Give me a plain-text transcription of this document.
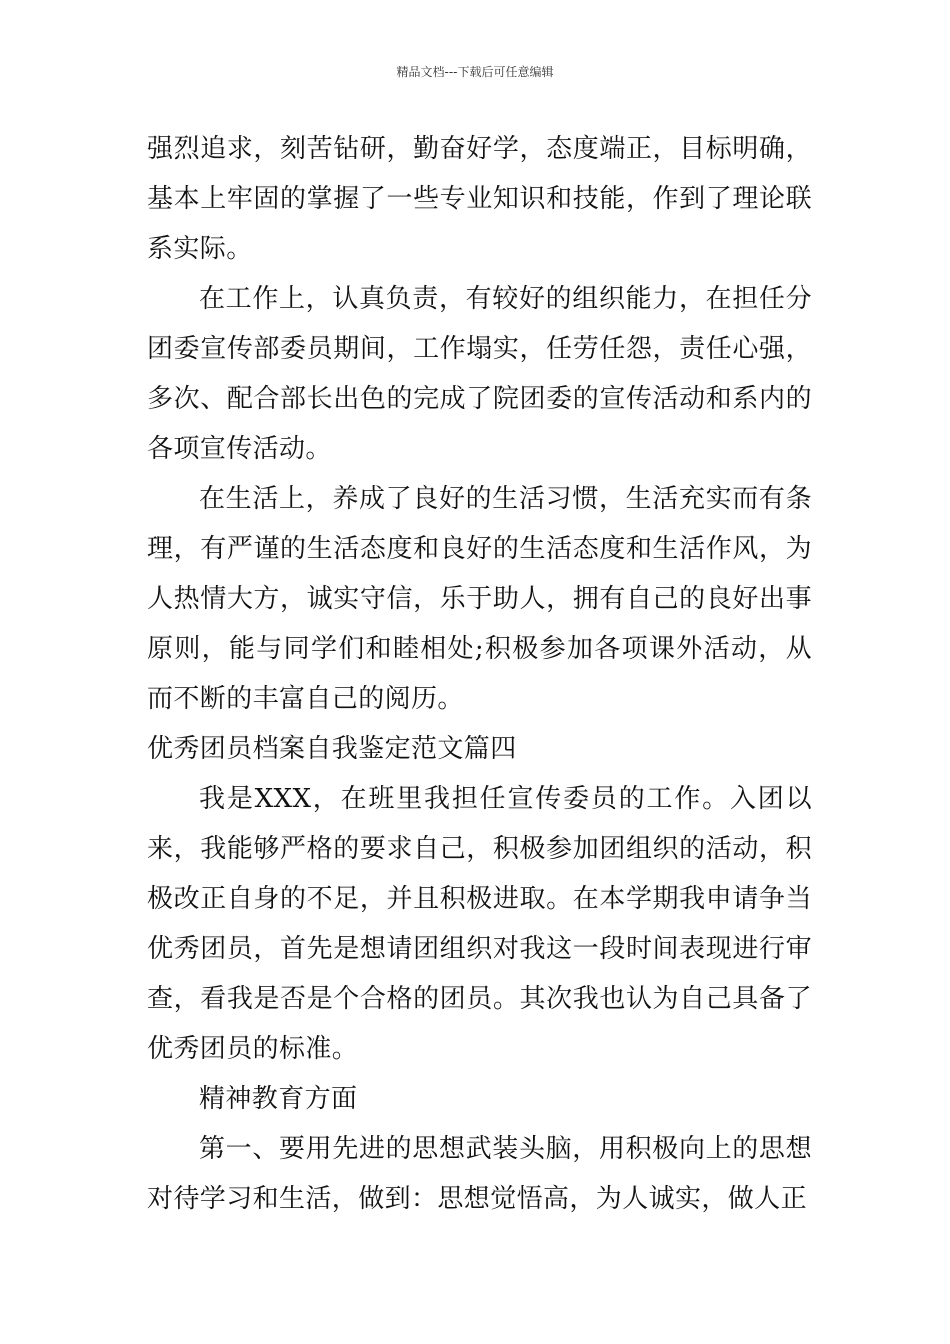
精品文档---下载后可任意编辑

强烈追求，刻苦钻研，勤奋好学，态度端正，目标明确，基本上牢固的掌握了一些专业知识和技能，作到了理论联系实际。

在工作上，认真负责，有较好的组织能力，在担任分团委宣传部委员期间，工作塌实，任劳任怨，责任心强，多次、配合部长出色的完成了院团委的宣传活动和系内的各项宣传活动。

在生活上，养成了良好的生活习惯，生活充实而有条理，有严谨的生活态度和良好的生活态度和生活作风，为人热情大方，诚实守信，乐于助人，拥有自己的良好出事原则，能与同学们和睦相处;积极参加各项课外活动，从而不断的丰富自己的阅历。

优秀团员档案自我鉴定范文篇四

我是XXX，在班里我担任宣传委员的工作。入团以来，我能够严格的要求自己，积极参加团组织的活动，积极改正自身的不足，并且积极进取。在本学期我申请争当优秀团员，首先是想请团组织对我这一段时间表现进行审查，看我是否是个合格的团员。其次我也认为自己具备了优秀团员的标准。

精神教育方面

第一、要用先进的思想武装头脑，用积极向上的思想对待学习和生活，做到：思想觉悟高，为人诚实，做人正
